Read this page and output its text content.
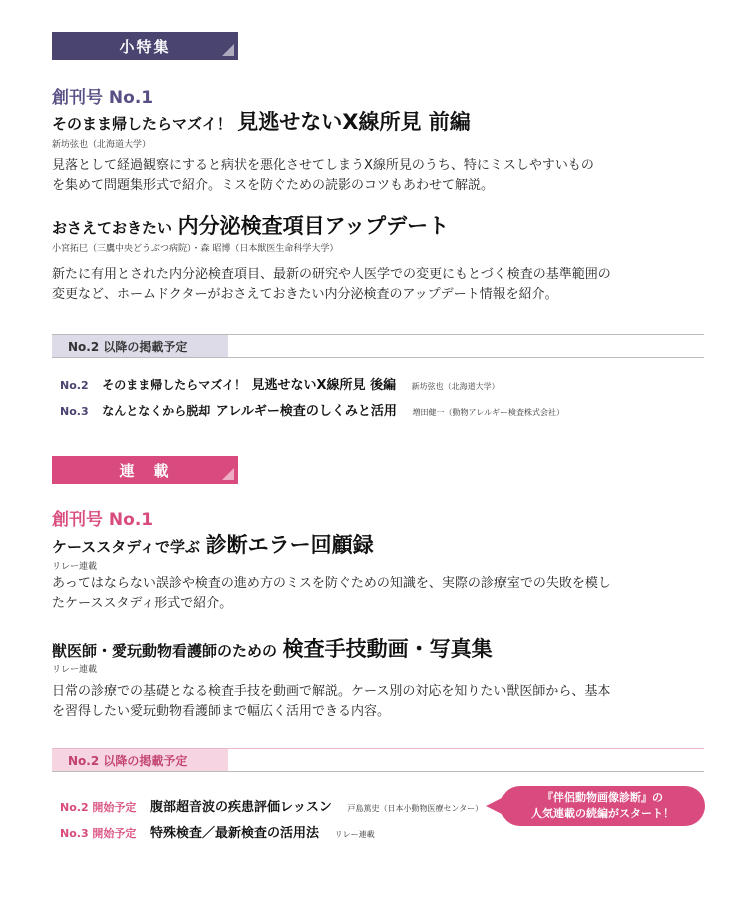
小特集
創刊号 No.1
そのまま帰したらマズイ！ 見逃せないX線所見 前編
新坊弦也（北海道大学）
見落として経過観察にすると病状を悪化させてしまうX線所見のうち、特にミスしやすいもの
を集めて問題集形式で紹介。ミスを防ぐための読影のコツもあわせて解説。
おさえておきたい 内分泌検査項目アップデート
小宮拓巳（三鷹中央どうぶつ病院）・森 昭博（日本獣医生命科学大学）
新たに有用とされた内分泌検査項目、最新の研究や人医学での変更にもとづく検査の基準範囲の
変更など、ホームドクターがおさえておきたい内分泌検査のアップデート情報を紹介。
No.2 以降の掲載予定
No.2 そのまま帰したらマズイ！ 見逃せないX線所見 後編 新坊弦也（北海道大学）
No.3 なんとなくから脱却 アレルギー検査のしくみと活用 増田健一（動物アレルギー検査株式会社）
連　載
創刊号 No.1
ケーススタディで学ぶ 診断エラー回顧録
リレー連載
あってはならない誤診や検査の進め方のミスを防ぐための知識を、実際の診療室での失敗を模し
たケーススタディ形式で紹介。
獣医師・愛玩動物看護師のための 検査手技動画・写真集
リレー連載
日常の診療での基礎となる検査手技を動画で解説。ケース別の対応を知りたい獣医師から、基本
を習得したい愛玩動物看護師まで幅広く活用できる内容。
No.2 以降の掲載予定
No.2 開始予定 腹部超音波の疾患評価レッスン 戸島篤史（日本小動物医療センター）
No.3 開始予定 特殊検査／最新検査の活用法 リレー連載
『伴侶動物画像診断』の
人気連載の続編がスタート！
